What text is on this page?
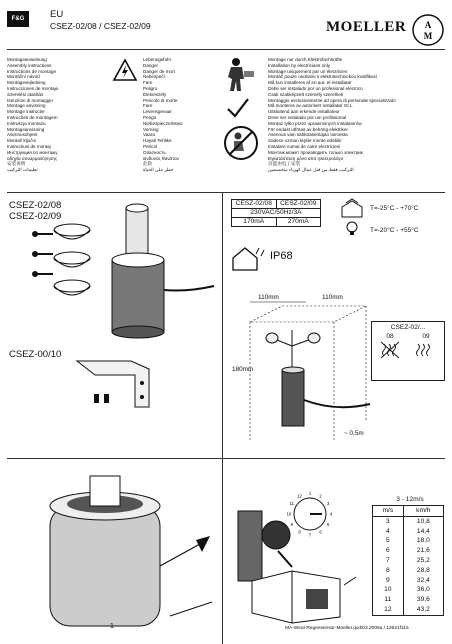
F&G	EU
CSEZ-02/08 / CSEZ-02/09	MOELLER A
M
Montageanweisung
Assembly instructions
Instructions de montage
Montážní návod
Montagevejledning
Instrucciones de montaje.
Szerelési útasítás
Istruzioni di montaggio
Montage anvisning
Montage instructie
Instrucões de montagem
Instrukcja montażu
Montageanvisning
Asennusohjeet
Montaž ključni
Instructiuni de montaj
Инструкция по монтажу
οδηγία συναρμολόγησης
安装说明
تعليمات التركيب
Lebensgefahr
Danger
Danger de mort
Nebezpečí
Fare
Peligro
Életveszély
Pericolo di morte
Fare
Levensgevaar
Perigo
Niebezpieczeństwo
Vorning
Vaara
Hayati Tehlike
Pericol
Опасность
κίνδυνος θανάτου
危险
خطر على الحياة
Montage nur durch Elektrofachkräfte
Installation by electricians only
Montage uniquement par un électricien
Montáž pouze osobami s elektrotechnickou kvalifikací
Må kun installeres af en aut. el-installatør
Debe ser instalado por un profesional eléctrico
Csak szakképzett személy szerelheti
Montaggio esclusivamente ad opera di personale specializzato
Må monteres av autorisert installatør Gr.L
Uitsluitend aan erkende installateur
Deve ser instalado por um profissional
Montaż tylko przez uprawnionych instalatorów
För endast utföras av behörig elektriker
Asennus vain sähköasentajan toimesta
Sadece uzman kişiler monte edebilir
Instalare numai de catre electricieni
Монтаж может производить только электрик
Εγκατάσταση μόνο από ηλεκτρολόγο
仅能由电工安装
التركيب فقط من قبل عمال كهرباء متخصصين
CSEZ-02/08
CSEZ-02/09
CSEZ-00/10
CESZ-02/08	CESZ-02/09
230VAC/50Hz/3A	
170mA	270mA
T=-25°C - +70°C
T=-20°C - +55°C
IP68
110mm	110mm
180mm
~ 0,5m
CSEZ-02/...
08	09
1
2
3
4
5
6
7
8
9
10
11
12
3 - 12m/s
m/s	km/h
3	10,8
4	14,4
5	18,0
6	21,6
7	25,2
8	28,8
9	32,4
10	36,0
11	39,6
12	43,2
1	MA-Wind-Regensensor-Moeller.qxd/03.2008a / 13621f115
